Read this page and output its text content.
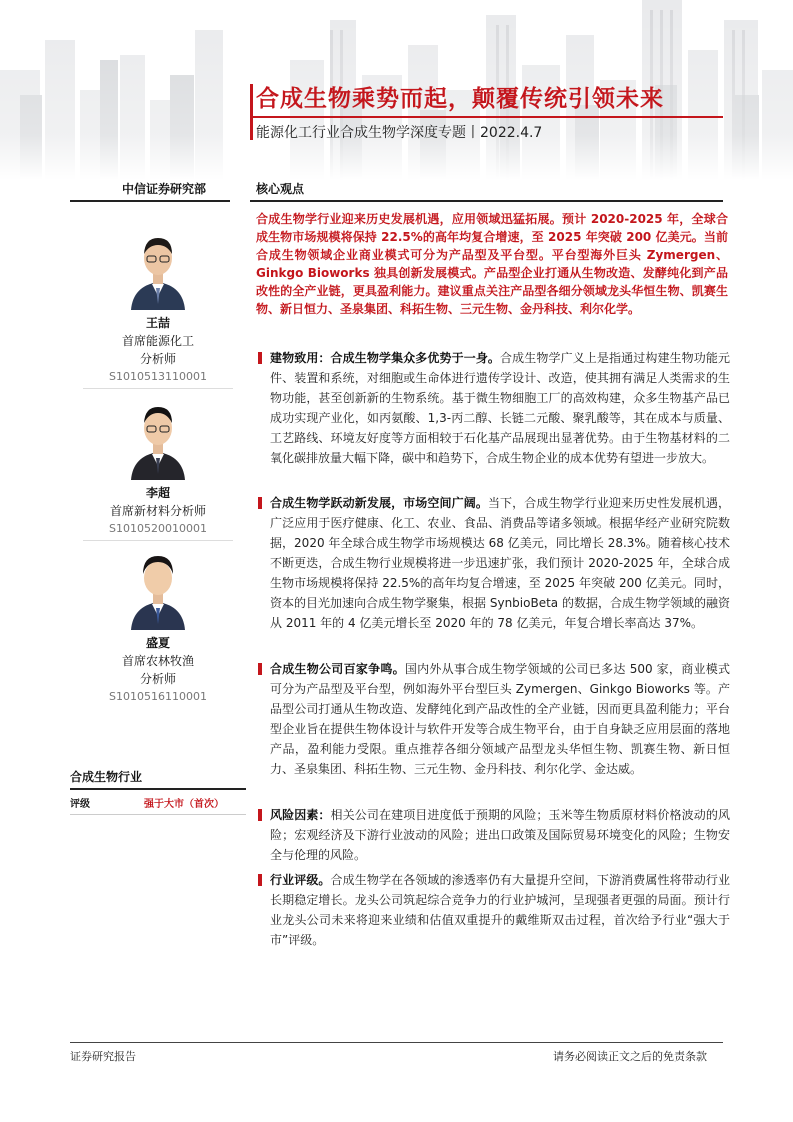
合成生物乘势而起，颠覆传统引领未来
能源化工行业合成生物学深度专题丨2022.4.7
中信证券研究部	核心观点
王喆
首席能源化工
分析师
S1010513110001
李超
首席新材料分析师
S1010520010001
盛夏
首席农林牧渔
分析师
S1010516110001
合成生物行业
评级	强于大市（首次）

合成生物学行业迎来历史发展机遇，应用领域迅猛拓展。预计 2020-2025 年，全球合成生物市场规模将保持 22.5%的高年均复合增速，至 2025 年突破 200 亿美元。当前合成生物领域企业商业模式可分为产品型及平台型。平台型海外巨头 Zymergen、Ginkgo Bioworks 独具创新发展模式。产品型企业打通从生物改造、发酵纯化到产品改性的全产业链，更具盈利能力。建议重点关注产品型各细分领域龙头华恒生物、凯赛生物、新日恒力、圣泉集团、科拓生物、三元生物、金丹科技、利尔化学。

建物致用：合成生物学集众多优势于一身。合成生物学广义上是指通过构建生物功能元件、装置和系统，对细胞或生命体进行遗传学设计、改造，使其拥有满足人类需求的生物功能，甚至创新新的生物系统。基于微生物细胞工厂的高效构建，众多生物基产品已成功实现产业化，如丙氨酸、1,3-丙二醇、长链二元酸、聚乳酸等，其在成本与质量、工艺路线、环境友好度等方面相较于石化基产品展现出显著优势。由于生物基材料的二氧化碳排放量大幅下降，碳中和趋势下，合成生物企业的成本优势有望进一步放大。
合成生物学跃动新发展，市场空间广阔。当下，合成生物学行业迎来历史性发展机遇，广泛应用于医疗健康、化工、农业、食品、消费品等诸多领域。根据华经产业研究院数据，2020 年全球合成生物学市场规模达 68 亿美元，同比增长 28.3%。随着核心技术不断更迭，合成生物行业规模将进一步迅速扩张，我们预计 2020-2025 年，全球合成生物市场规模将保持 22.5%的高年均复合增速，至 2025 年突破 200 亿美元。同时，资本的目光加速向合成生物学聚集，根据 SynbioBeta 的数据，合成生物学领域的融资从 2011 年的 4 亿美元增长至 2020 年的 78 亿美元，年复合增长率高达 37%。
合成生物公司百家争鸣。国内外从事合成生物学领域的公司已多达 500 家，商业模式可分为产品型及平台型，例如海外平台型巨头 Zymergen、Ginkgo Bioworks 等。产品型公司打通从生物改造、发酵纯化到产品改性的全产业链，因而更具盈利能力；平台型企业旨在提供生物体设计与软件开发等合成生物平台，由于自身缺乏应用层面的落地产品，盈利能力受限。重点推荐各细分领域产品型龙头华恒生物、凯赛生物、新日恒力、圣泉集团、科拓生物、三元生物、金丹科技、利尔化学、金达威。
风险因素：相关公司在建项目进度低于预期的风险；玉米等生物质原材料价格波动的风险；宏观经济及下游行业波动的风险；进出口政策及国际贸易环境变化的风险；生物安全与伦理的风险。
行业评级。合成生物学在各领域的渗透率仍有大量提升空间，下游消费属性将带动行业长期稳定增长。龙头公司筑起综合竞争力的行业护城河，呈现强者更强的局面。预计行业龙头公司未来将迎来业绩和估值双重提升的戴维斯双击过程，首次给予行业“强大于市”评级。
证券研究报告	请务必阅读正文之后的免责条款
